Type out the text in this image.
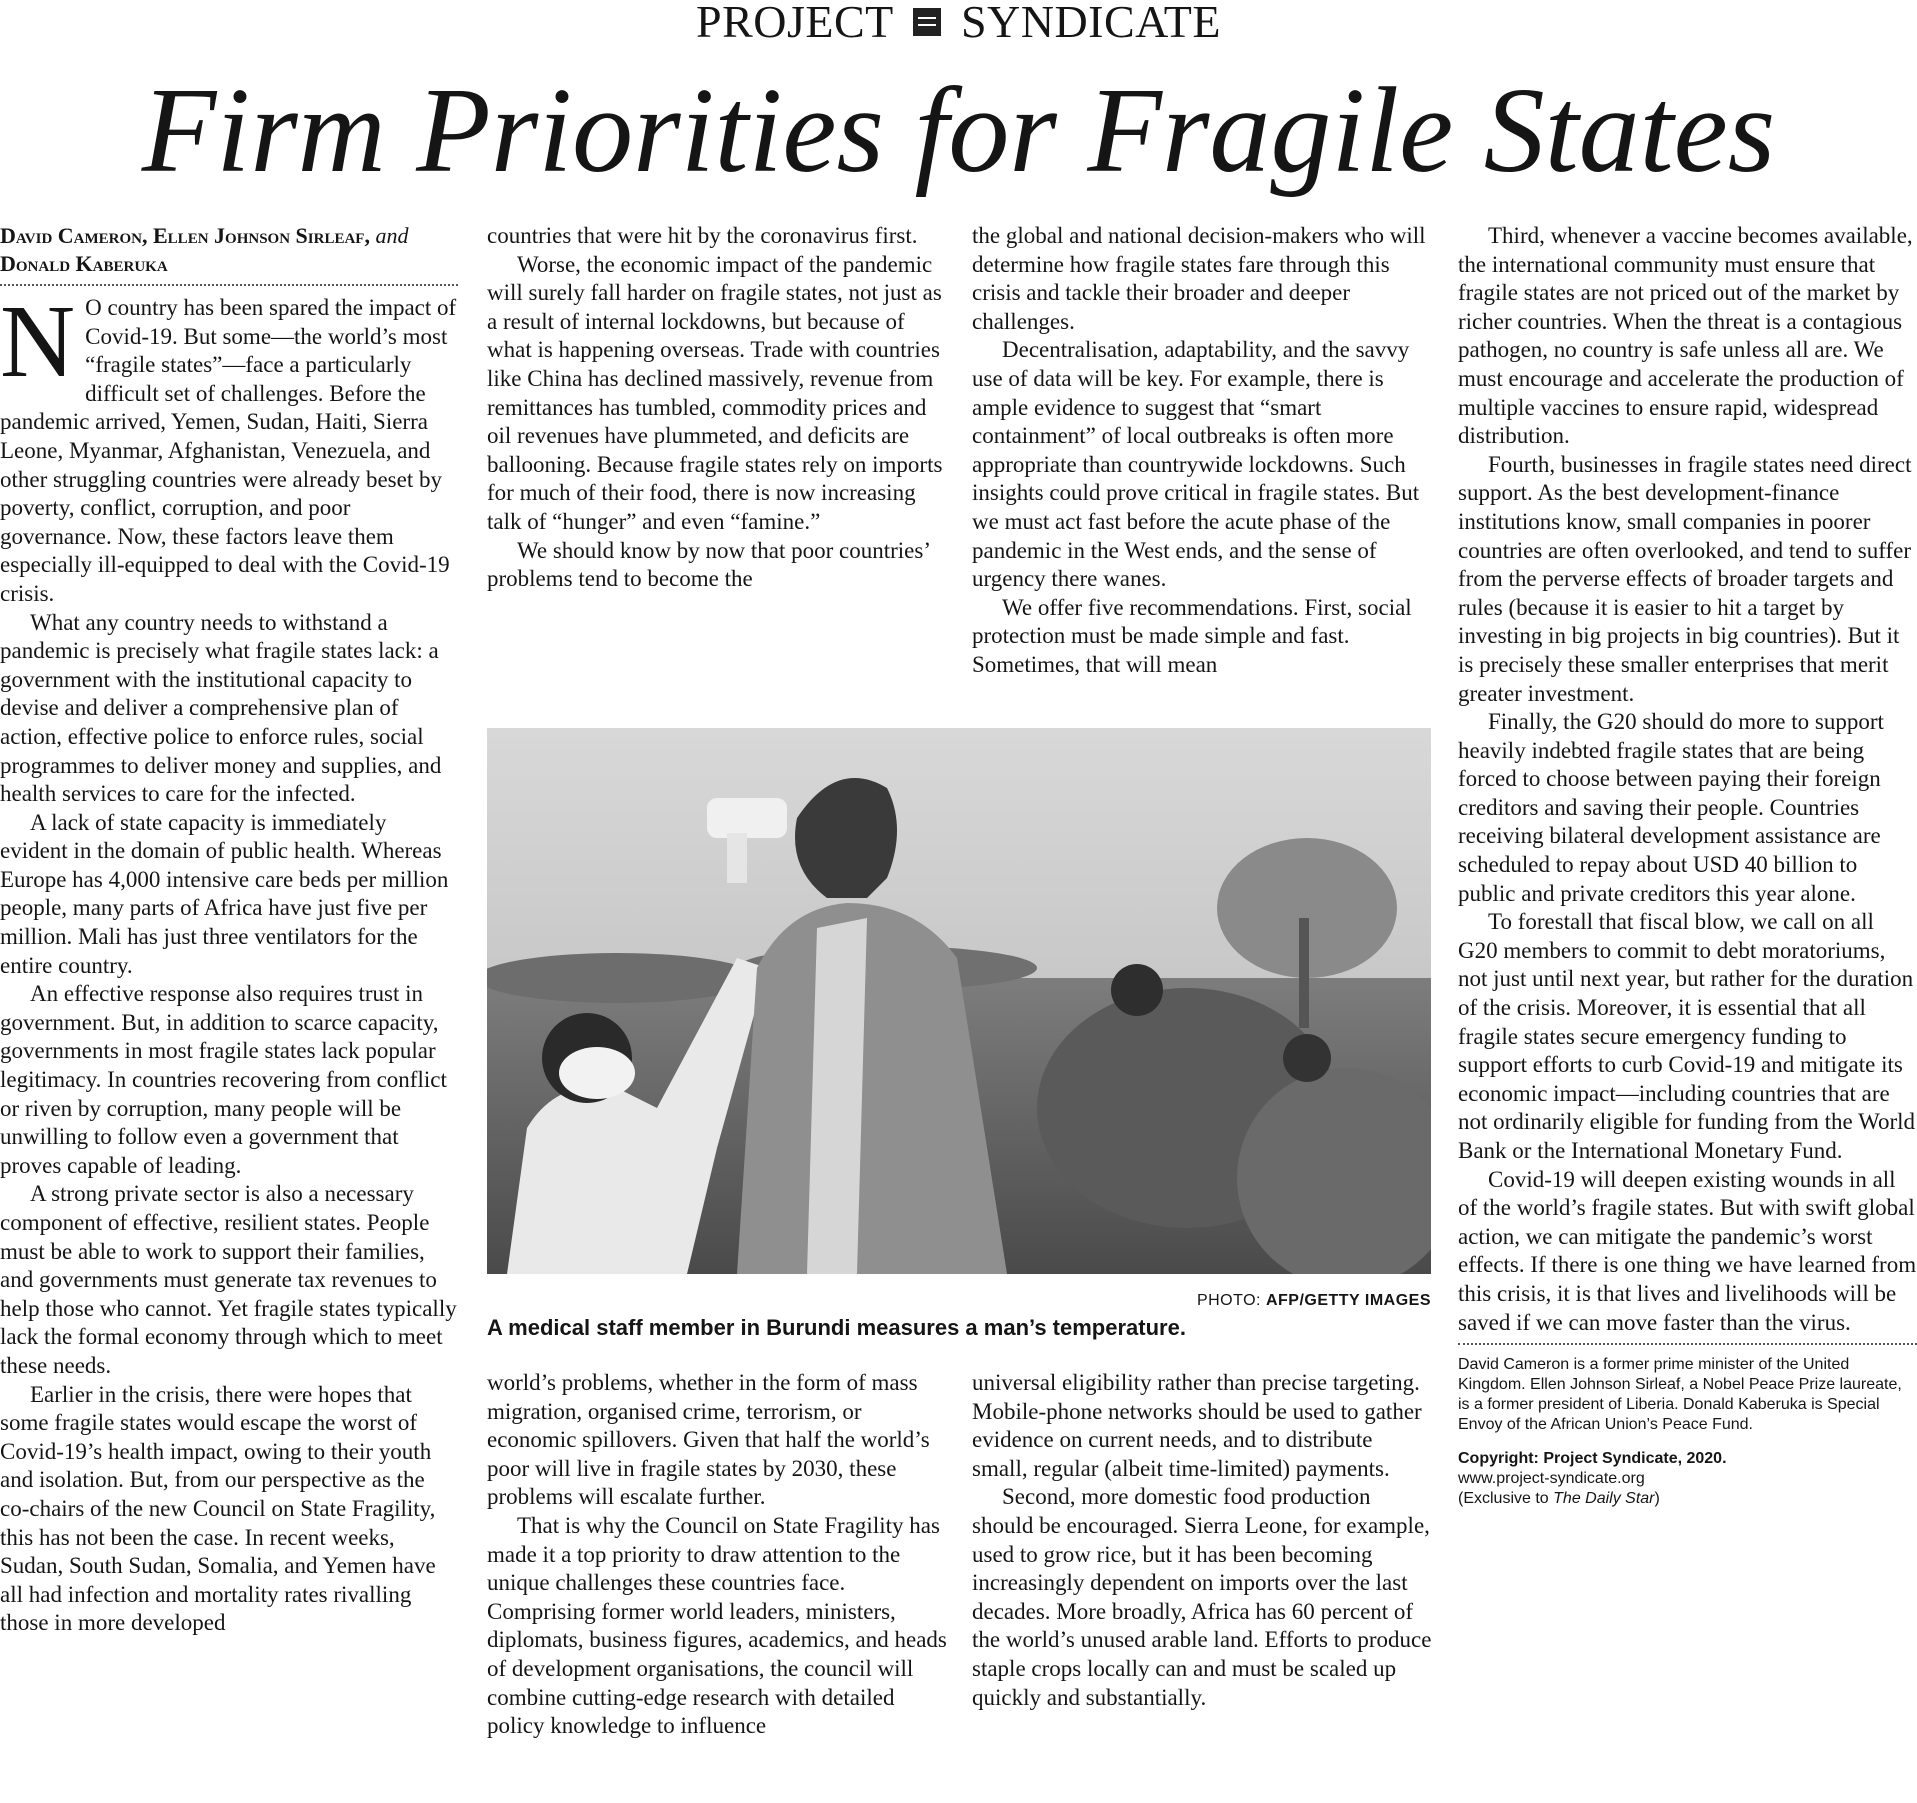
PROJECT SYNDICATE
Firm Priorities for Fragile States
David Cameron, Ellen Johnson Sirleaf, and
Donald Kaberuka

N O country has been spared the impact of Covid-19. But some—the world’s most “fragile states”—face a particularly difficult set of challenges. Before the pandemic arrived, Yemen, Sudan, Haiti, Sierra Leone, Myanmar, Afghanistan, Venezuela, and other struggling countries were already beset by poverty, conflict, corruption, and poor governance. Now, these factors leave them especially ill-equipped to deal with the Covid-19 crisis.

What any country needs to withstand a pandemic is precisely what fragile states lack: a government with the institutional capacity to devise and deliver a comprehensive plan of action, effective police to enforce rules, social programmes to deliver money and supplies, and health services to care for the infected.

A lack of state capacity is immediately evident in the domain of public health. Whereas Europe has 4,000 intensive care beds per million people, many parts of Africa have just five per million. Mali has just three ventilators for the entire country.

An effective response also requires trust in government. But, in addition to scarce capacity, governments in most fragile states lack popular legitimacy. In countries recovering from conflict or riven by corruption, many people will be unwilling to follow even a government that proves capable of leading.

A strong private sector is also a necessary component of effective, resilient states. People must be able to work to support their families, and governments must generate tax revenues to help those who cannot. Yet fragile states typically lack the formal economy through which to meet these needs.

Earlier in the crisis, there were hopes that some fragile states would escape the worst of Covid-19’s health impact, owing to their youth and isolation. But, from our perspective as the co-chairs of the new Council on State Fragility, this has not been the case. In recent weeks, Sudan, South Sudan, Somalia, and Yemen have all had infection and mortality rates rivalling those in more developed

countries that were hit by the coronavirus first.

Worse, the economic impact of the pandemic will surely fall harder on fragile states, not just as a result of internal lockdowns, but because of what is happening overseas. Trade with countries like China has declined massively, revenue from remittances has tumbled, commodity prices and oil revenues have plummeted, and deficits are ballooning. Because fragile states rely on imports for much of their food, there is now increasing talk of “hunger” and even “famine.”

We should know by now that poor countries’ problems tend to become the

the global and national decision-makers who will determine how fragile states fare through this crisis and tackle their broader and deeper challenges.

Decentralisation, adaptability, and the savvy use of data will be key. For example, there is ample evidence to suggest that “smart containment” of local outbreaks is often more appropriate than countrywide lockdowns. Such insights could prove critical in fragile states. But we must act fast before the acute phase of the pandemic in the West ends, and the sense of urgency there wanes.

We offer five recommendations. First, social protection must be made simple and fast. Sometimes, that will mean

PHOTO: AFP/GETTY IMAGES
A medical staff member in Burundi measures a man’s temperature.

world’s problems, whether in the form of mass migration, organised crime, terrorism, or economic spillovers. Given that half the world’s poor will live in fragile states by 2030, these problems will escalate further.

That is why the Council on State Fragility has made it a top priority to draw attention to the unique challenges these countries face. Comprising former world leaders, ministers, diplomats, business figures, academics, and heads of development organisations, the council will combine cutting-edge research with detailed policy knowledge to influence

universal eligibility rather than precise targeting. Mobile-phone networks should be used to gather evidence on current needs, and to distribute small, regular (albeit time-limited) payments.

Second, more domestic food production should be encouraged. Sierra Leone, for example, used to grow rice, but it has been becoming increasingly dependent on imports over the last decades. More broadly, Africa has 60 percent of the world’s unused arable land. Efforts to produce staple crops locally can and must be scaled up quickly and substantially.

Third, whenever a vaccine becomes available, the international community must ensure that fragile states are not priced out of the market by richer countries. When the threat is a contagious pathogen, no country is safe unless all are. We must encourage and accelerate the production of multiple vaccines to ensure rapid, widespread distribution.

Fourth, businesses in fragile states need direct support. As the best development-finance institutions know, small companies in poorer countries are often overlooked, and tend to suffer from the perverse effects of broader targets and rules (because it is easier to hit a target by investing in big projects in big countries). But it is precisely these smaller enterprises that merit greater investment.

Finally, the G20 should do more to support heavily indebted fragile states that are being forced to choose between paying their foreign creditors and saving their people. Countries receiving bilateral development assistance are scheduled to repay about USD 40 billion to public and private creditors this year alone.

To forestall that fiscal blow, we call on all G20 members to commit to debt moratoriums, not just until next year, but rather for the duration of the crisis. Moreover, it is essential that all fragile states secure emergency funding to support efforts to curb Covid-19 and mitigate its economic impact—including countries that are not ordinarily eligible for funding from the World Bank or the International Monetary Fund.

Covid-19 will deepen existing wounds in all of the world’s fragile states. But with swift global action, we can mitigate the pandemic’s worst effects. If there is one thing we have learned from this crisis, it is that lives and livelihoods will be saved if we can move faster than the virus.

David Cameron is a former prime minister of the United Kingdom. Ellen Johnson Sirleaf, a Nobel Peace Prize laureate, is a former president of Liberia. Donald Kaberuka is Special Envoy of the African Union’s Peace Fund.

Copyright: Project Syndicate, 2020.

www.project-syndicate.org

(Exclusive to The Daily Star)
